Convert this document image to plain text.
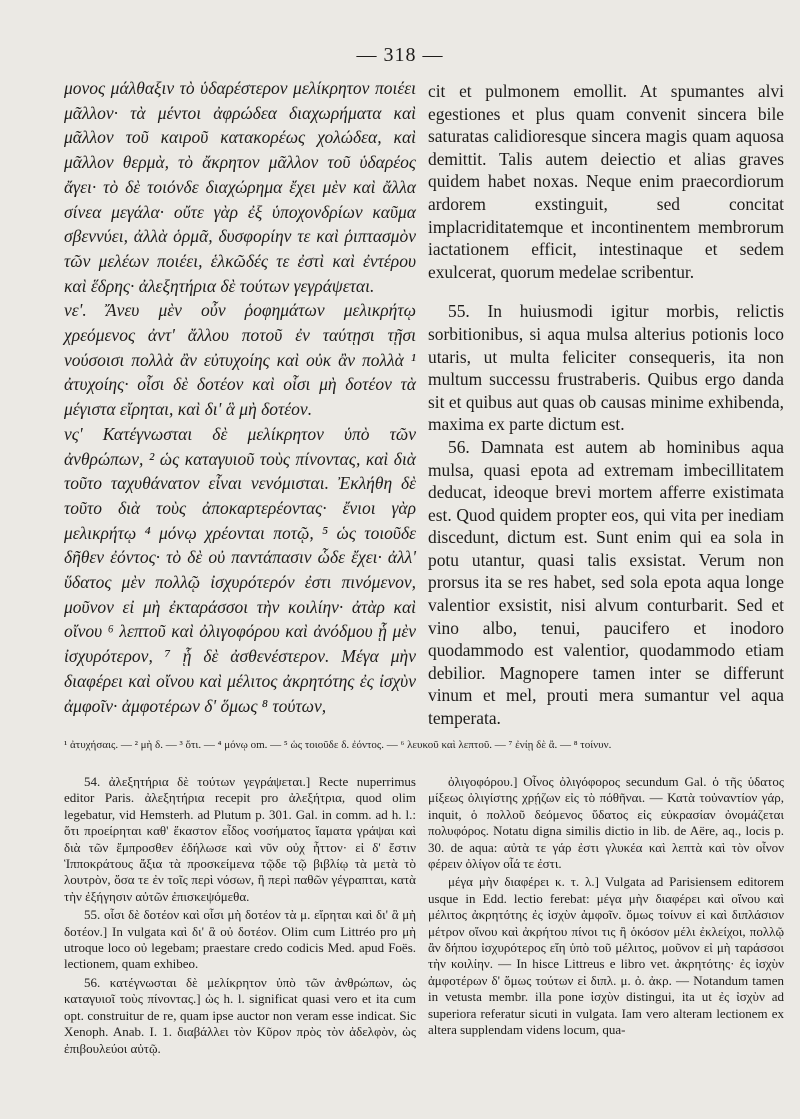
— 318 —

μονος μάλθαξιν τὸ ὑδαρέστερον μελίκρητον ποιέει μᾶλλον· τὰ μέντοι ἀφρώδεα διαχωρήματα καὶ μᾶλλον τοῦ καιροῦ κατακορέως χολώδεα, καὶ μᾶλλον θερμὰ, τὸ ἄκρητον μᾶλλον τοῦ ὑδαρέος ἄγει· τὸ δὲ τοιόνδε διαχώρημα ἔχει μὲν καὶ ἄλλα σίνεα μεγάλα· οὔτε γὰρ ἐξ ὑποχονδρίων καῦμα σβεννύει, ἀλλὰ ὁρμᾶ, δυσφορίην τε καὶ ῥιπτασμὸν τῶν μελέων ποιέει, ἑλκῶδές τε ἐστὶ καὶ ἐντέρου καὶ ἕδρης· ἀλεξητήρια δὲ τούτων γεγράψεται.

νε'. Ἄνευ μὲν οὖν ῥοφημάτων μελικρήτῳ χρεόμενος ἀντ' ἄλλου ποτοῦ ἐν ταύτῃσι τῇσι νούσοισι πολλὰ ἂν εὐτυχοίης καὶ οὐκ ἂν πολλὰ ¹ ἀτυχοίης· οἷσι δὲ δοτέον καὶ οἷσι μὴ δοτέον τὰ μέγιστα εἴρηται, καὶ δι' ἃ μὴ δοτέον.

νς' Κατέγνωσται δὲ μελίκρητον ὑπὸ τῶν ἀνθρώπων, ² ὡς καταγυιοῦ τοὺς πίνοντας, καὶ διὰ τοῦτο ταχυθάνατον εἶναι νενόμισται. Ἐκλήθη δὲ τοῦτο διὰ τοὺς ἀποκαρτερέοντας· ἔνιοι γὰρ μελικρήτῳ ⁴ μόνῳ χρέονται ποτῷ, ⁵ ὡς τοιοῦδε δῆθεν ἐόντος· τὸ δὲ οὐ παντάπασιν ὧδε ἔχει· ἀλλ' ὕδατος μὲν πολλῷ ἰσχυρότερόν ἐστι πινόμενον, μοῦνον εἰ μὴ ἐκταράσσοι τὴν κοιλίην· ἀτὰρ καὶ οἴνου ⁶ λεπτοῦ καὶ ὀλιγοφόρου καὶ ἀνόδμου ᾗ μὲν ἰσχυρότερον, ⁷ ᾗ δὲ ἀσθενέστερον. Μέγα μὴν διαφέρει καὶ οἴνου καὶ μέλιτος ἀκρητότης ἐς ἰσχὺν ἀμφοῖν· ἀμφοτέρων δ' ὅμως ⁸ τούτων,

cit et pulmonem emollit. At spumantes alvi egestiones et plus quam convenit sincera bile saturatas calidioresque sincera magis quam aquosa demittit. Talis autem deiectio et alias graves quidem habet noxas. Neque enim praecordiorum ardorem exstinguit, sed concitat implacriditatemque et incontinentem membrorum iactationem efficit, intestinaque et sedem exulcerat, quorum medelae scribentur.

55. In huiusmodi igitur morbis, relictis sorbitionibus, si aqua mulsa alterius potionis loco utaris, ut multa feliciter consequeris, ita non multum successu frustraberis. Quibus ergo danda sit et quibus aut quas ob causas minime exhibenda, maxima ex parte dictum est.

56. Damnata est autem ab hominibus aqua mulsa, quasi epota ad extremam imbecillitatem deducat, ideoque brevi mortem afferre existimata est. Quod quidem propter eos, qui vita per inediam discedunt, dictum est. Sunt enim qui ea sola in potu utantur, quasi talis exsistat. Verum non prorsus ita se res habet, sed sola epota aqua longe valentior exsistit, nisi alvum conturbarit. Sed et vino albo, tenui, paucifero et inodoro quodammodo est valentior, quodammodo etiam debilior. Magnopere tamen inter se differunt vinum et mel, prouti mera sumantur vel aqua temperata.

¹ ἀτυχήσαις. — ² μὴ δ. — ³ ὅτι. — ⁴ μόνῳ om. — ⁵ ὡς τοιοῦδε δ. ἐόντος. — ⁶ λευκοῦ καὶ λεπτοῦ. — ⁷ ἐνίῃ δὲ ἂ. — ⁸ τοίνυν.

54. ἀλεξητήρια δὲ τούτων γεγράψεται.] Recte nuperrimus editor Paris. ἀλεξητήρια recepit pro ἀλεξήτρια, quod olim legebatur, vid Hemsterh. ad Plutum p. 301. Gal. in comm. ad h. l.: ὅτι προείρηται καθ' ἕκαστον εἶδος νοσήματος ἴαματα γράψαι καὶ διὰ τῶν ἔμπροσθεν ἐδήλωσε καὶ νῦν οὐχ ἧττον· εἰ δ' ἔστιν Ἱπποκράτους ἄξια τὰ προσκείμενα τῷδε τῷ βιβλίῳ τὰ μετὰ τὸ λουτρὸν, ὅσα τε ἐν τοῖς περὶ νόσων, ἢ περὶ παθῶν γέγραπται, κατὰ τὴν ἐξήγησιν αὐτῶν ἐπισκεψόμεθα.

55. οἷσι δὲ δοτέον καὶ οἷσι μὴ δοτέον τὰ μ. εἴρηται καὶ δι' ἃ μὴ δοτέον.] In vulgata καὶ δι' ἃ οὐ δοτέον. Olim cum Littréo pro μὴ utroque loco οὐ legebam; praestare credo codicis Med. apud Foës. lectionem, quam exhibeo.

56. κατέγνωσται δὲ μελίκρητον ὑπὸ τῶν ἀνθρώπων, ὡς καταγυιοῖ τοὺς πίνοντας.] ὡς h. l. significat quasi vero et ita cum opt. construitur de re, quam ipse auctor non veram esse indicat. Sic Xenoph. Anab. I. 1. διαβάλλει τὸν Κῦρον πρὸς τὸν ἀδελφὸν, ὡς ἐπιβουλεύοι αὐτῷ.

ὀλιγοφόρου.] Οἶνος ὀλιγόφορος secundum Gal. ὁ τῆς ὑδατος μίξεως ὀλιγίστης χρῄζων εἰς τὸ πόθῆναι. — Κατὰ τοὐναντίον γάρ, inquit, ὁ πολλοῦ δεόμενος ὕδατος εἰς εὐκρασίαν ὀνομάζεται πολυφόρος. Notatu digna similis dictio in lib. de Aëre, aq., locis p. 30. de aqua: αὐτὰ τε γάρ ἐστι γλυκέα καὶ λεπτὰ καὶ τὸν οἶνον φέρειν ὀλίγον οἷά τε ἐστι.

μέγα μὴν διαφέρει κ. τ. λ.] Vulgata ad Parisiensem editorem usque in Edd. lectio ferebat: μέγα μὴν διαφέρει καὶ οἴνου καὶ μέλιτος ἀκρητότης ἐς ἰσχὺν ἀμφοῖν. ὅμως τοίνυν εἰ καὶ διπλάσιον μέτρον οἴνου καὶ ἀκρήτου πίνοι τις ἢ ὁκόσον μέλι ἐκλείχοι, πολλῷ ἂν δήπου ἰσχυρότερος εἴη ὑπὸ τοῦ μέλιτος, μοῦνον εἰ μὴ ταράσσοι τὴν κοιλίην. — In hisce Littreus e libro vet. ἀκρητότης· ἐς ἰσχὺν ἀμφοτέρων δ' ὅμως τούτων εἰ διπλ. μ. ὀ. ἀκρ. — Notandum tamen in vetusta membr. illa pone ἰσχὺν distingui, ita ut ἐς ἰσχὺν ad superiora referatur sicuti in vulgata. Iam vero alteram lectionem ex altera supplendam videns locum, qua-
